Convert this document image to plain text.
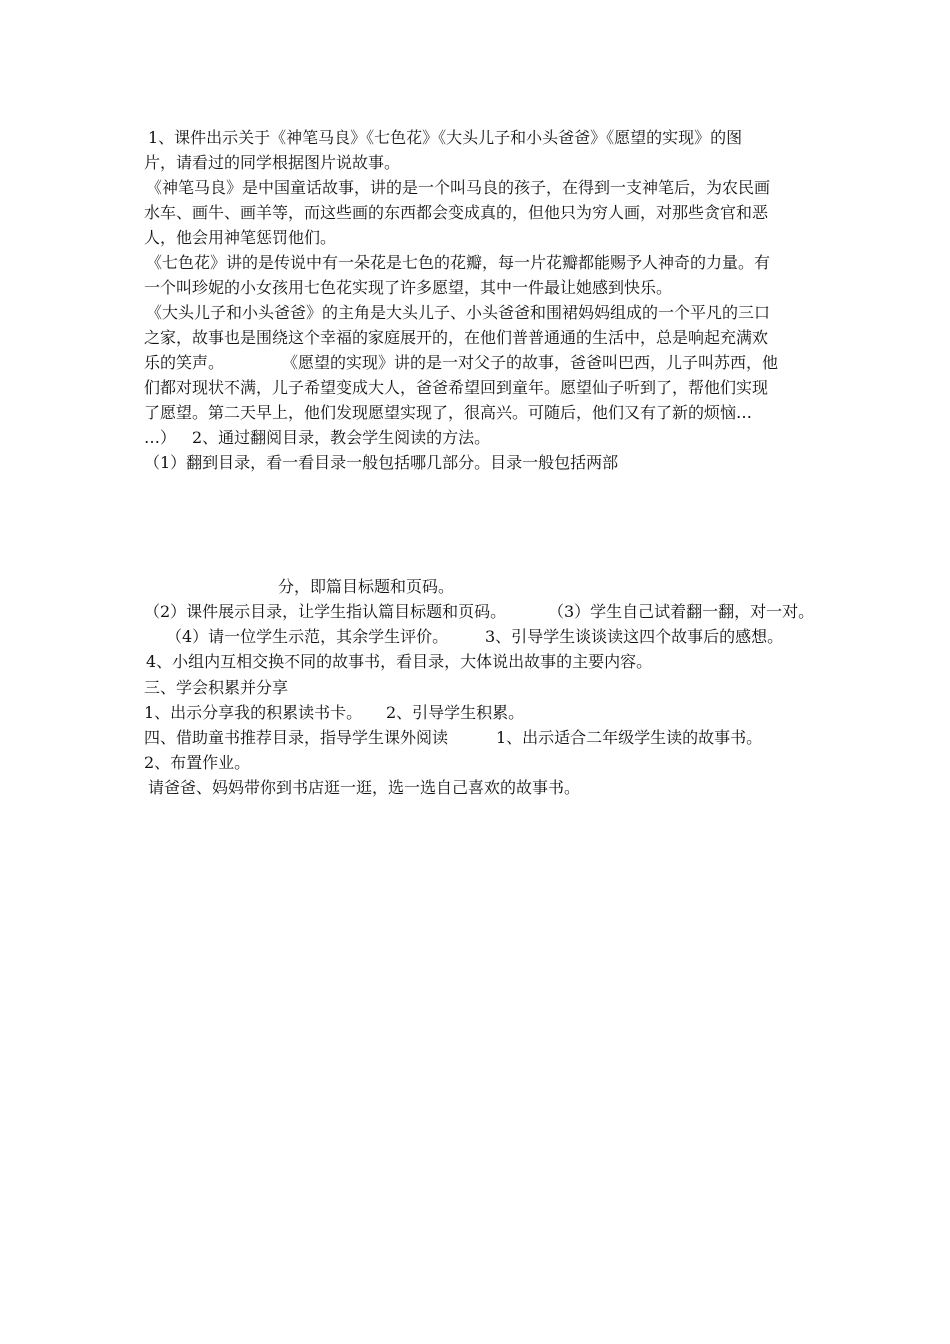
1、课件出示关于《神笔马良》《七色花》《大头儿子和小头爸爸》《愿望的实现》的图
片，请看过的同学根据图片说故事。
《神笔马良》是中国童话故事，讲的是一个叫马良的孩子，在得到一支神笔后，为农民画
水车、画牛、画羊等，而这些画的东西都会变成真的，但他只为穷人画，对那些贪官和恶
人，他会用神笔惩罚他们。
《七色花》讲的是传说中有一朵花是七色的花瓣，每一片花瓣都能赐予人神奇的力量。有
一个叫珍妮的小女孩用七色花实现了许多愿望，其中一件最让她感到快乐。
《大头儿子和小头爸爸》的主角是大头儿子、小头爸爸和围裙妈妈组成的一个平凡的三口
之家，故事也是围绕这个幸福的家庭展开的，在他们普普通通的生活中，总是响起充满欢
乐的笑声。	《愿望的实现》讲的是一对父子的故事，爸爸叫巴西，儿子叫苏西，他
们都对现状不满，儿子希望变成大人，爸爸希望回到童年。愿望仙子听到了，帮他们实现
了愿望。第二天早上，他们发现愿望实现了，很高兴。可随后，他们又有了新的烦恼…
…） 2、通过翻阅目录，教会学生阅读的方法。
（1）翻到目录，看一看目录一般包括哪几部分。目录一般包括两部
分，即篇目标题和页码。
（2）课件展示目录，让学生指认篇目标题和页码。	（3）学生自己试着翻一翻，对一对。
（4）请一位学生示范，其余学生评价。 3、引导学生谈谈读这四个故事后的感想。
4、小组内互相交换不同的故事书，看目录，大体说出故事的主要内容。
三、学会积累并分享
1、出示分享我的积累读书卡。 2、引导学生积累。
四、借助童书推荐目录，指导学生课外阅读	1、出示适合二年级学生读的故事书。
2、布置作业。
请爸爸、妈妈带你到书店逛一逛，选一选自己喜欢的故事书。
